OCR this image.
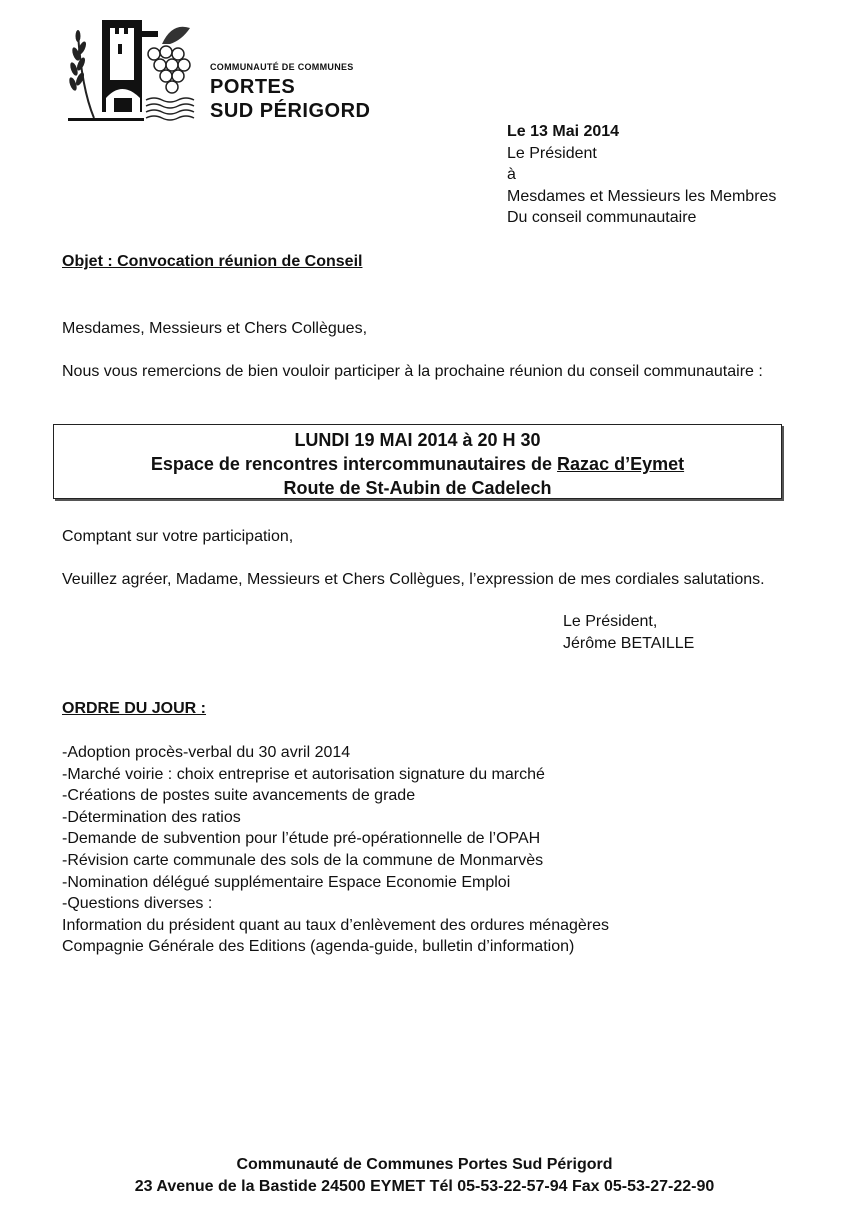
COMMUNAUTÉ DE COMMUNES
PORTES
SUD PÉRIGORD
Le 13 Mai 2014
Le Président
à
Mesdames et Messieurs les Membres
Du conseil communautaire
Objet : Convocation réunion de Conseil
Mesdames, Messieurs et Chers Collègues,
Nous vous remercions de bien vouloir participer à la prochaine réunion du conseil communautaire :
LUNDI 19 MAI 2014 à 20 H 30
Espace de rencontres intercommunautaires de Razac d’Eymet
Route de St-Aubin de Cadelech
Comptant sur votre participation,
Veuillez agréer, Madame, Messieurs et Chers Collègues, l’expression de mes cordiales salutations.
Le Président,
Jérôme BETAILLE
ORDRE DU JOUR :
-Adoption procès-verbal du 30 avril 2014
-Marché voirie : choix entreprise et autorisation signature du marché
-Créations de postes suite avancements de grade
-Détermination des ratios
-Demande de subvention pour l’étude pré-opérationnelle de l’OPAH
-Révision carte communale des sols de la commune de Monmarvès
-Nomination délégué supplémentaire Espace Economie Emploi
-Questions diverses :
Information du président quant au taux d’enlèvement des ordures ménagères
Compagnie Générale des Editions (agenda-guide, bulletin d’information)
Communauté de Communes Portes Sud Périgord
23 Avenue de la Bastide 24500 EYMET Tél 05-53-22-57-94 Fax 05-53-27-22-90
